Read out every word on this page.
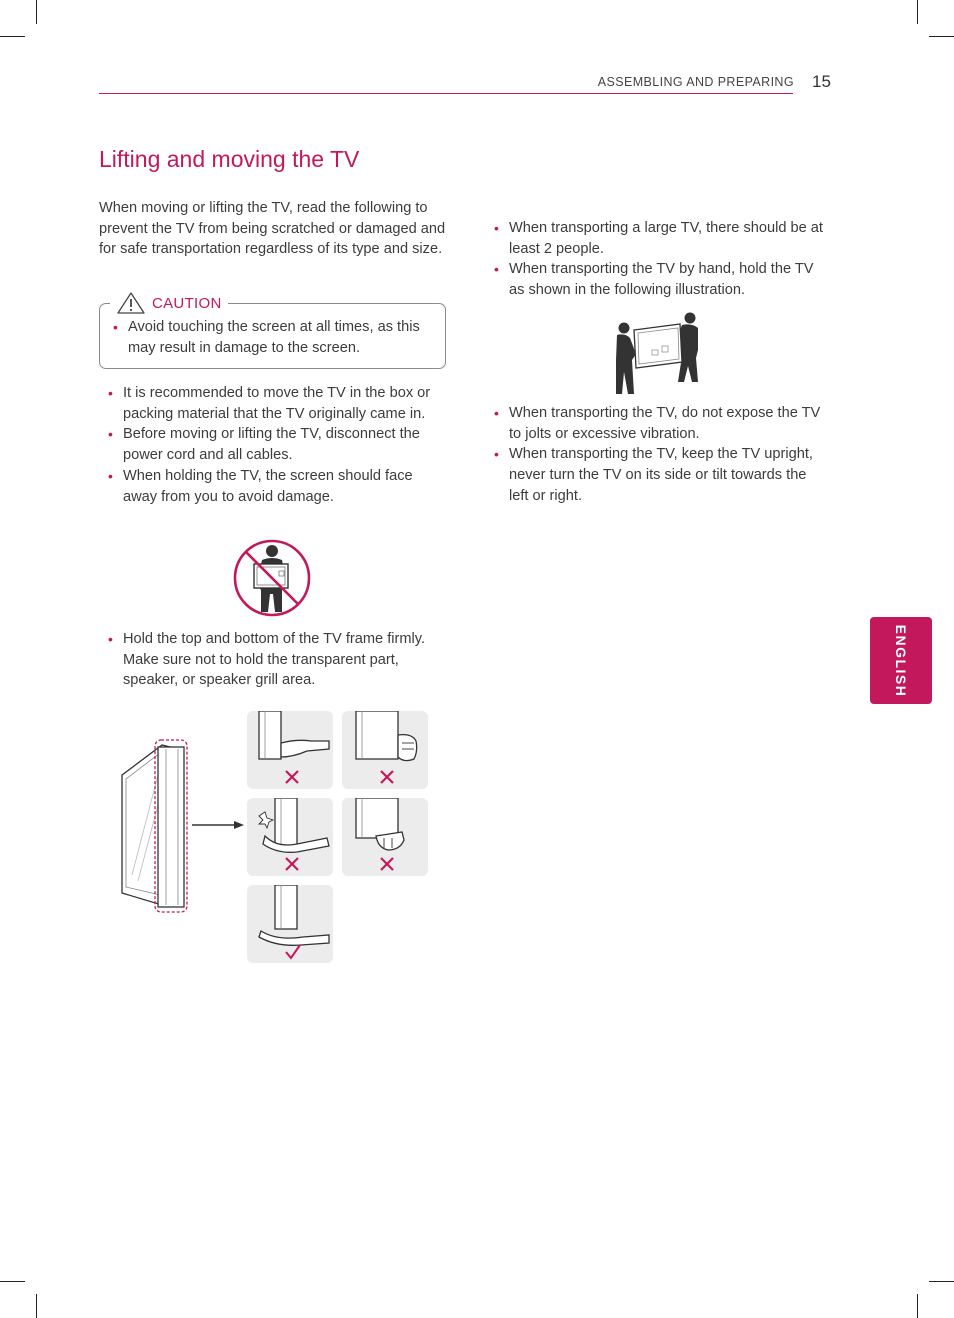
ASSEMBLING AND PREPARING 15
Lifting and moving the TV
When moving or lifting the TV, read the following to prevent the TV from being scratched or damaged and for safe transportation regardless of its type and size.
CAUTION
• Avoid touching the screen at all times, as this may result in damage to the screen.
• It is recommended to move the TV in the box or packing material that the TV originally came in.
• Before moving or lifting the TV, disconnect the power cord and all cables.
• When holding the TV, the screen should face away from you to avoid damage.
• Hold the top and bottom of the TV frame firmly. Make sure not to hold the transparent part, speaker, or speaker grill area.
• When transporting a large TV, there should be at least 2 people.
• When transporting the TV by hand, hold the TV as shown in the following illustration.
• When transporting the TV, do not expose the TV to jolts or excessive vibration.
• When transporting the TV, keep the TV upright, never turn the TV on its side or tilt towards the left or right.
ENGLISH
